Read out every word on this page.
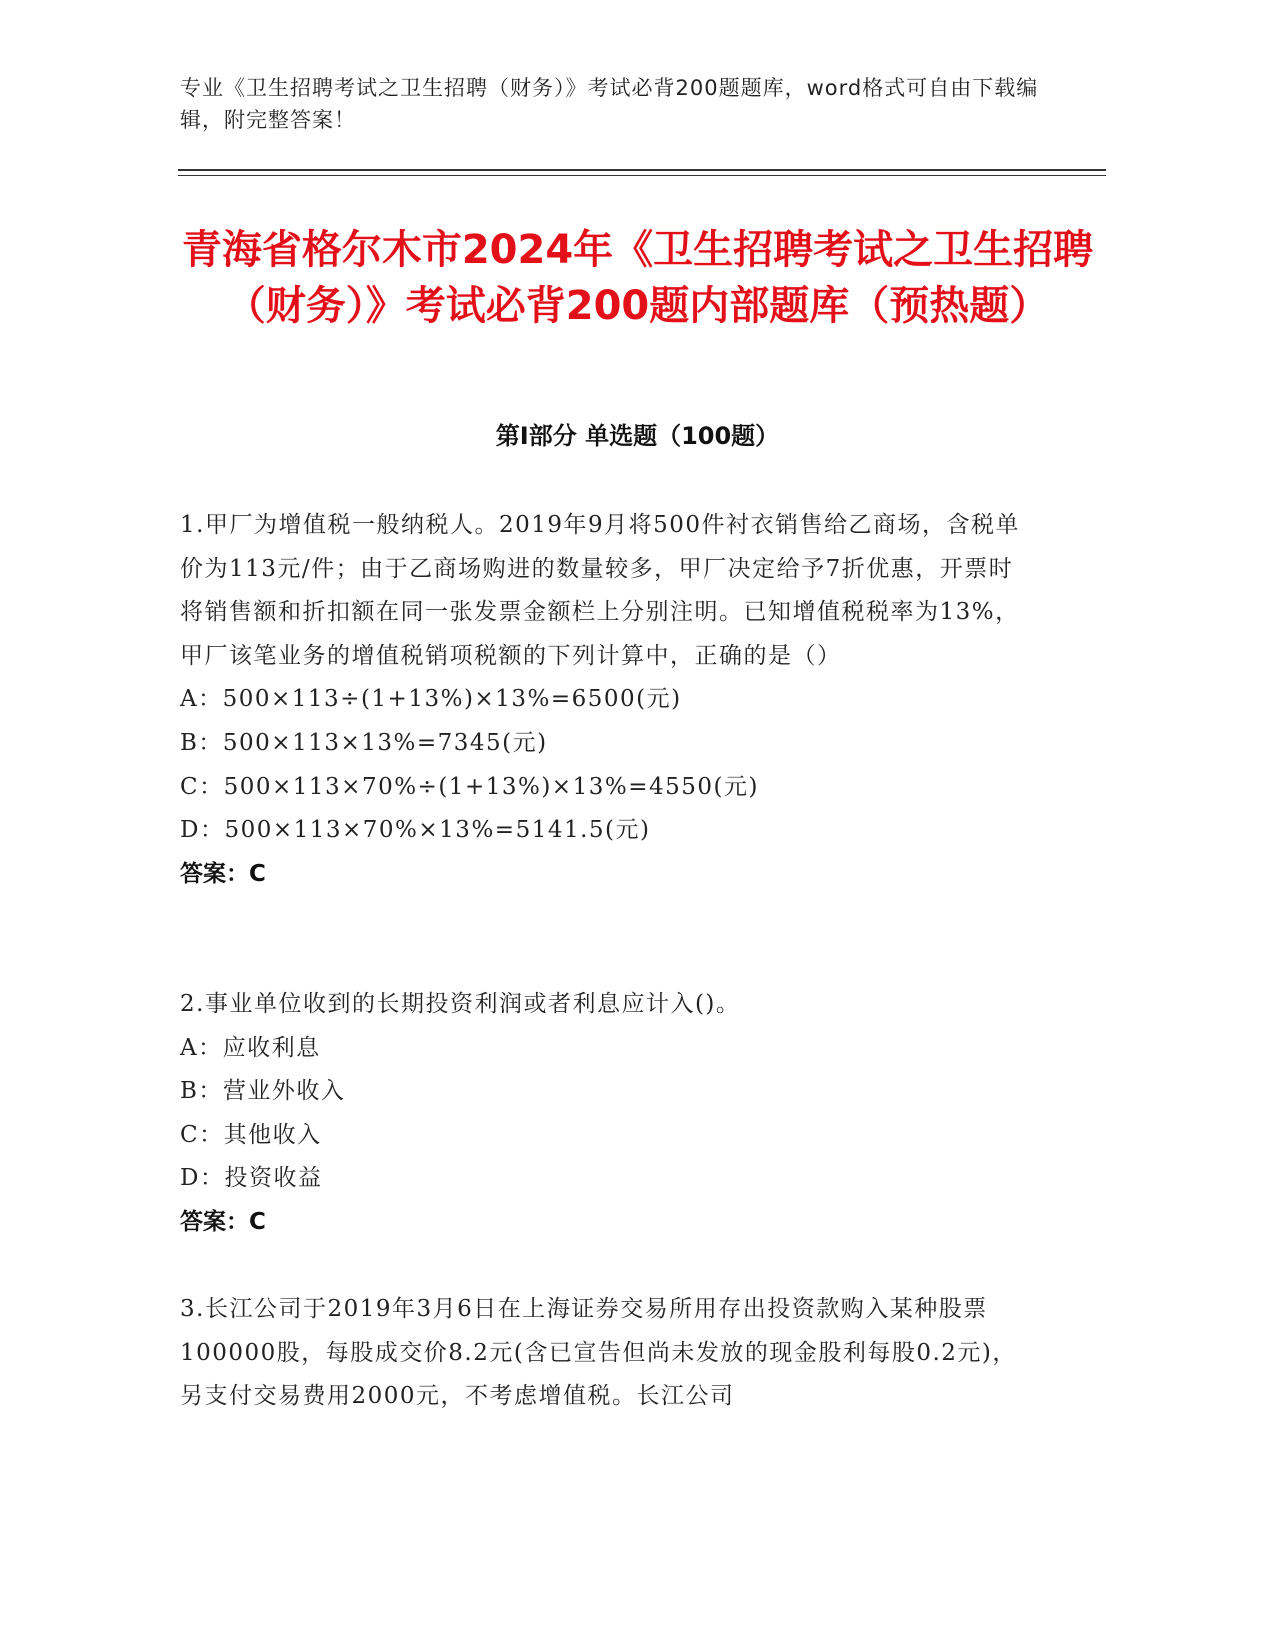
专业《卫生招聘考试之卫生招聘（财务）》考试必背200题题库，word格式可自由下载编辑，附完整答案！
青海省格尔木市2024年《卫生招聘考试之卫生招聘（财务）》考试必背200题内部题库（预热题）
第Ⅰ部分 单选题（100题）
1.甲厂为增值税一般纳税人。2019年9月将500件衬衣销售给乙商场，含税单价为113元/件；由于乙商场购进的数量较多，甲厂决定给予7折优惠，开票时将销售额和折扣额在同一张发票金额栏上分别注明。已知增值税税率为13%，甲厂该笔业务的增值税销项税额的下列计算中，正确的是（）
A：500×113÷(1+13%)×13%=6500(元)
B：500×113×13%=7345(元)
C：500×113×70%÷(1+13%)×13%=4550(元)
D：500×113×70%×13%=5141.5(元)
答案：C
2.事业单位收到的长期投资利润或者利息应计入()。
A：应收利息
B：营业外收入
C：其他收入
D：投资收益
答案：C
3.长江公司于2019年3月6日在上海证券交易所用存出投资款购入某种股票100000股，每股成交价8.2元(含已宣告但尚未发放的现金股利每股0.2元)，另支付交易费用2000元，不考虑增值税。长江公司
